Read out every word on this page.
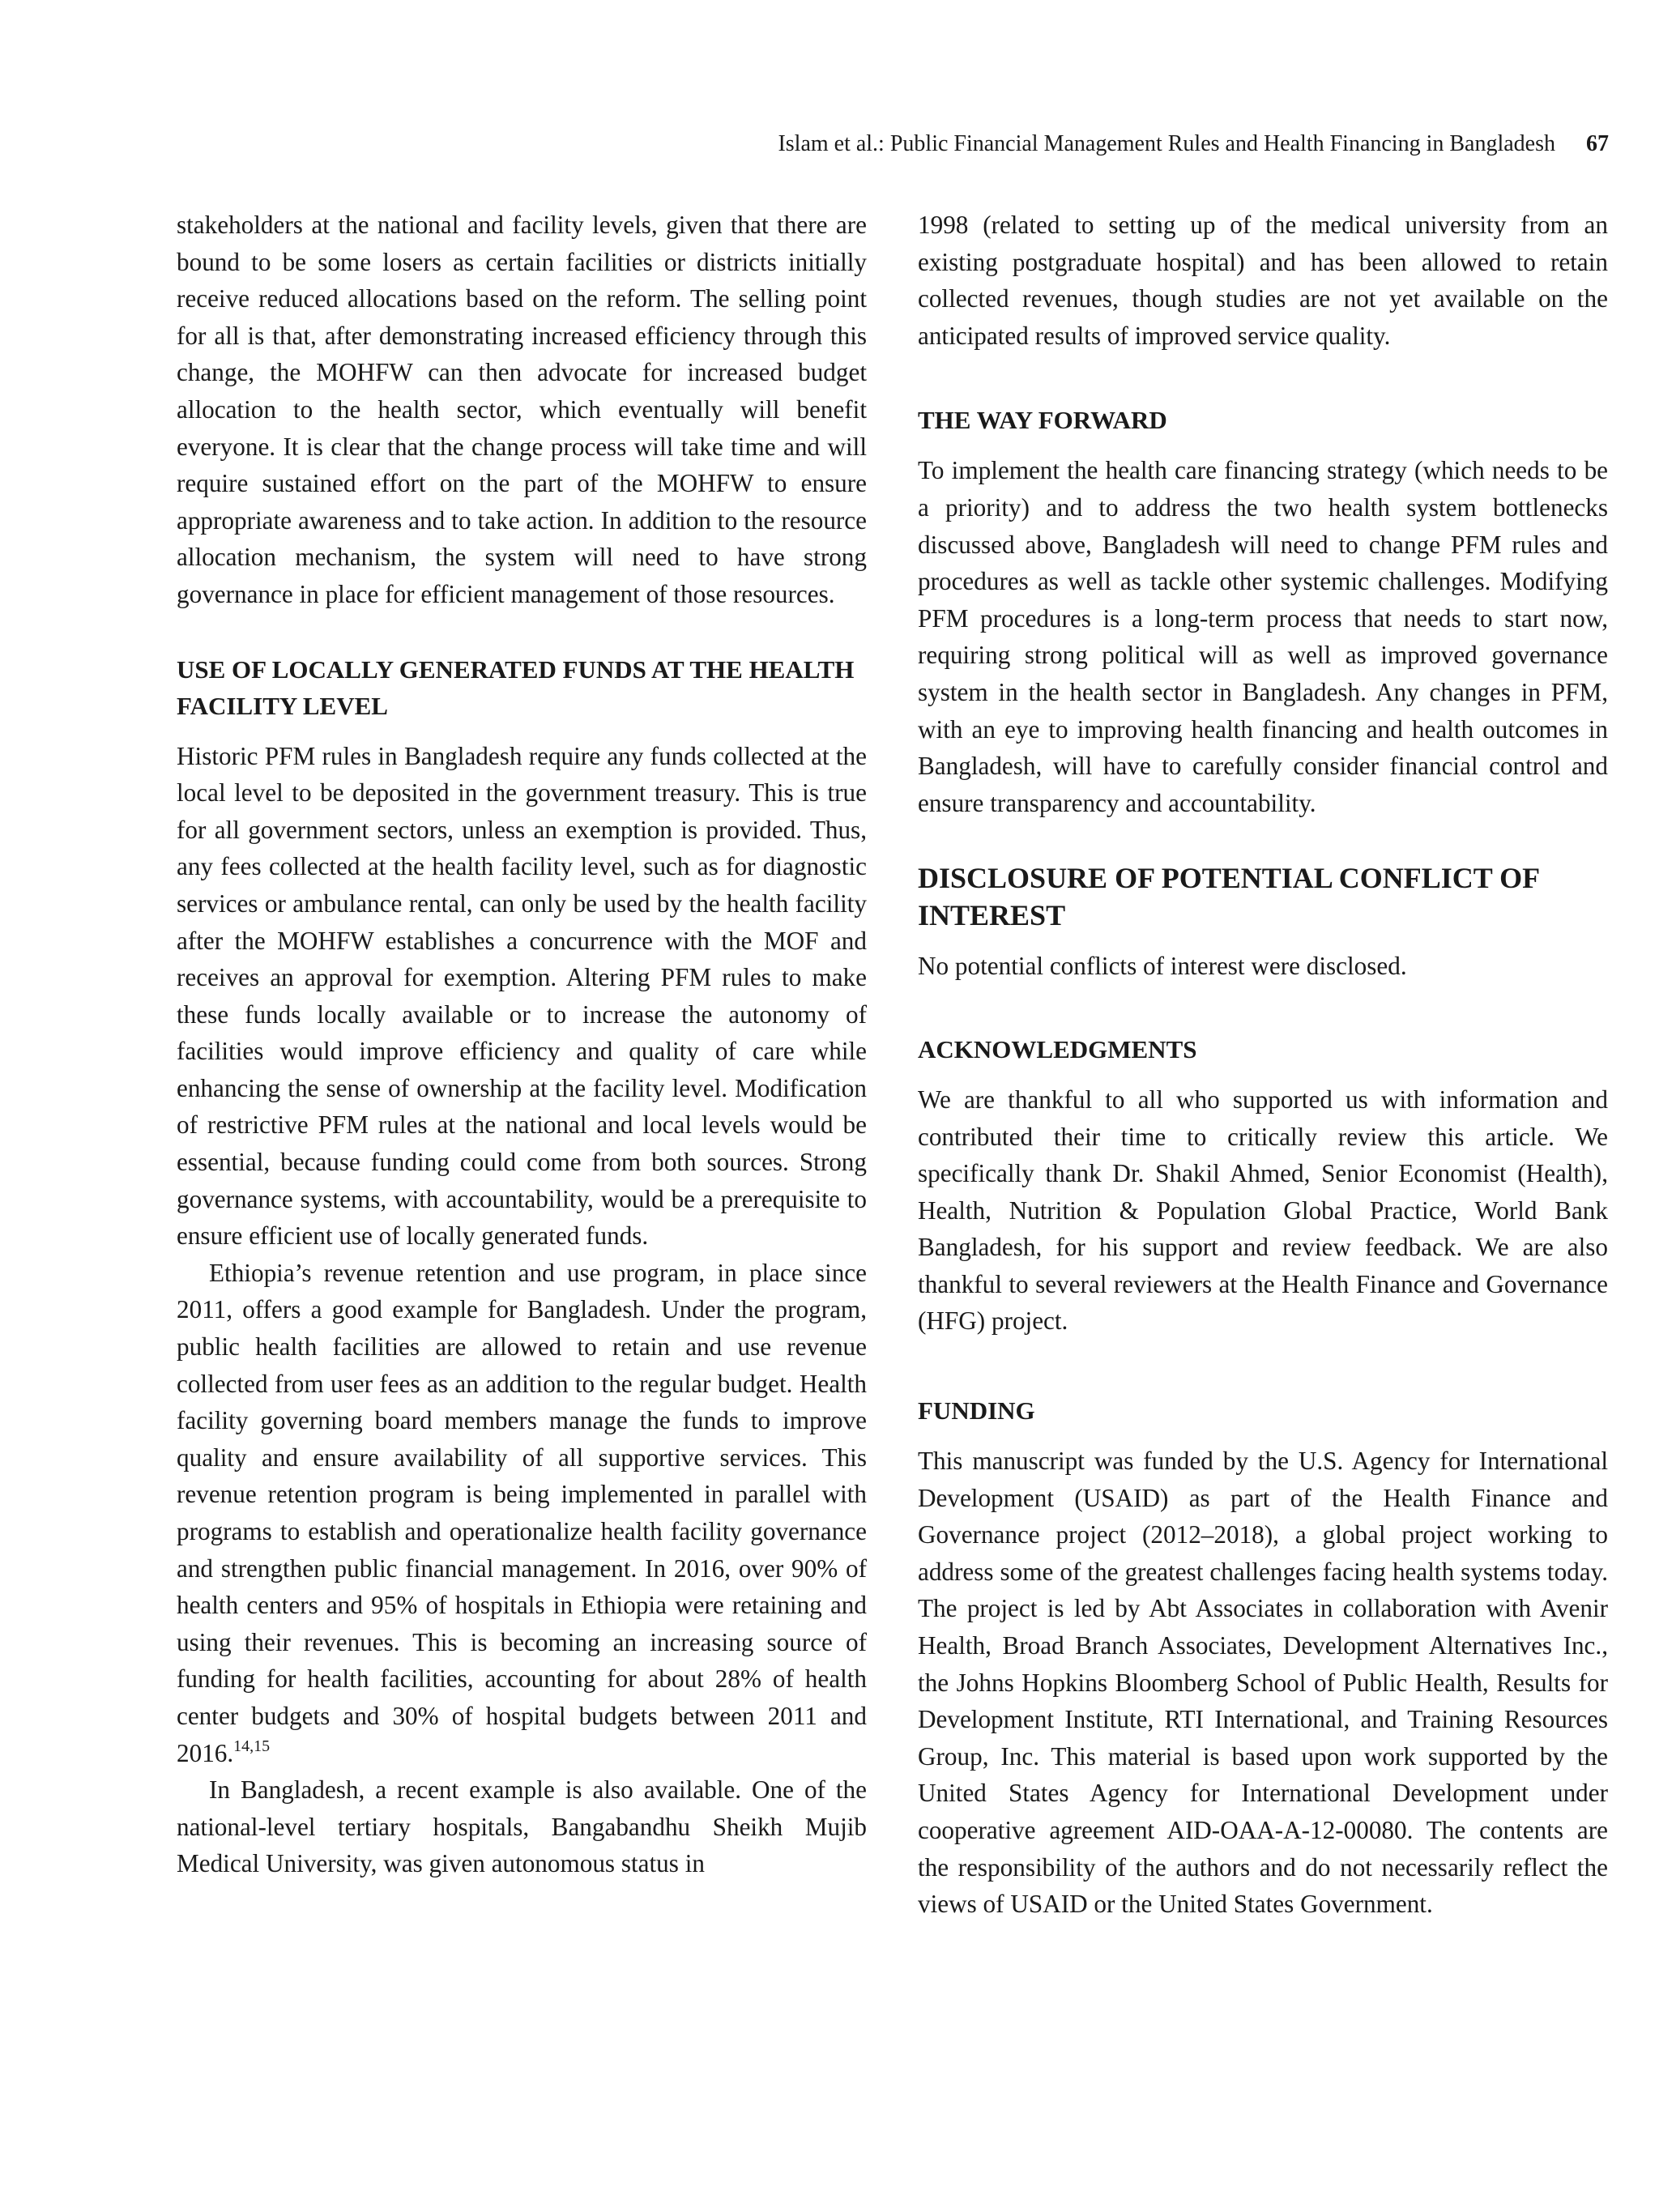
Islam et al.: Public Financial Management Rules and Health Financing in Bangladesh 67

stakeholders at the national and facility levels, given that there are bound to be some losers as certain facilities or districts initially receive reduced allocations based on the reform. The selling point for all is that, after demonstrating increased efficiency through this change, the MOHFW can then advocate for increased budget allocation to the health sector, which eventually will benefit everyone. It is clear that the change process will take time and will require sustained effort on the part of the MOHFW to ensure appropriate awareness and to take action. In addition to the resource allocation mechanism, the system will need to have strong governance in place for efficient management of those resources.

USE OF LOCALLY GENERATED FUNDS AT THE HEALTH FACILITY LEVEL

Historic PFM rules in Bangladesh require any funds collected at the local level to be deposited in the government treasury. This is true for all government sectors, unless an exemption is provided. Thus, any fees collected at the health facility level, such as for diagnostic services or ambulance rental, can only be used by the health facility after the MOHFW establishes a concurrence with the MOF and receives an approval for exemption. Altering PFM rules to make these funds locally available or to increase the autonomy of facilities would improve efficiency and quality of care while enhancing the sense of ownership at the facility level. Modification of restrictive PFM rules at the national and local levels would be essential, because funding could come from both sources. Strong governance systems, with accountability, would be a prerequisite to ensure efficient use of locally generated funds.

Ethiopia’s revenue retention and use program, in place since 2011, offers a good example for Bangladesh. Under the program, public health facilities are allowed to retain and use revenue collected from user fees as an addition to the regular budget. Health facility governing board members manage the funds to improve quality and ensure availability of all supportive services. This revenue retention program is being implemented in parallel with programs to establish and operationalize health facility governance and strengthen public financial management. In 2016, over 90% of health centers and 95% of hospitals in Ethiopia were retaining and using their revenues. This is becoming an increasing source of funding for health facilities, accounting for about 28% of health center budgets and 30% of hospital budgets between 2011 and 2016.$^{14,15}$

In Bangladesh, a recent example is also available. One of the national-level tertiary hospitals, Bangabandhu Sheikh Mujib Medical University, was given autonomous status in

1998 (related to setting up of the medical university from an existing postgraduate hospital) and has been allowed to retain collected revenues, though studies are not yet available on the anticipated results of improved service quality.

THE WAY FORWARD

To implement the health care financing strategy (which needs to be a priority) and to address the two health system bottlenecks discussed above, Bangladesh will need to change PFM rules and procedures as well as tackle other systemic challenges. Modifying PFM procedures is a long-term process that needs to start now, requiring strong political will as well as improved governance system in the health sector in Bangladesh. Any changes in PFM, with an eye to improving health financing and health outcomes in Bangladesh, will have to carefully consider financial control and ensure transparency and accountability.

DISCLOSURE OF POTENTIAL CONFLICT OF INTEREST

No potential conflicts of interest were disclosed.

ACKNOWLEDGMENTS

We are thankful to all who supported us with information and contributed their time to critically review this article. We specifically thank Dr. Shakil Ahmed, Senior Economist (Health), Health, Nutrition & Population Global Practice, World Bank Bangladesh, for his support and review feedback. We are also thankful to several reviewers at the Health Finance and Governance (HFG) project.

FUNDING

This manuscript was funded by the U.S. Agency for International Development (USAID) as part of the Health Finance and Governance project (2012–2018), a global project working to address some of the greatest challenges facing health systems today. The project is led by Abt Associates in collaboration with Avenir Health, Broad Branch Associates, Development Alternatives Inc., the Johns Hopkins Bloomberg School of Public Health, Results for Development Institute, RTI International, and Training Resources Group, Inc. This material is based upon work supported by the United States Agency for International Development under cooperative agreement AID-OAA-A-12-00080. The contents are the responsibility of the authors and do not necessarily reflect the views of USAID or the United States Government.
